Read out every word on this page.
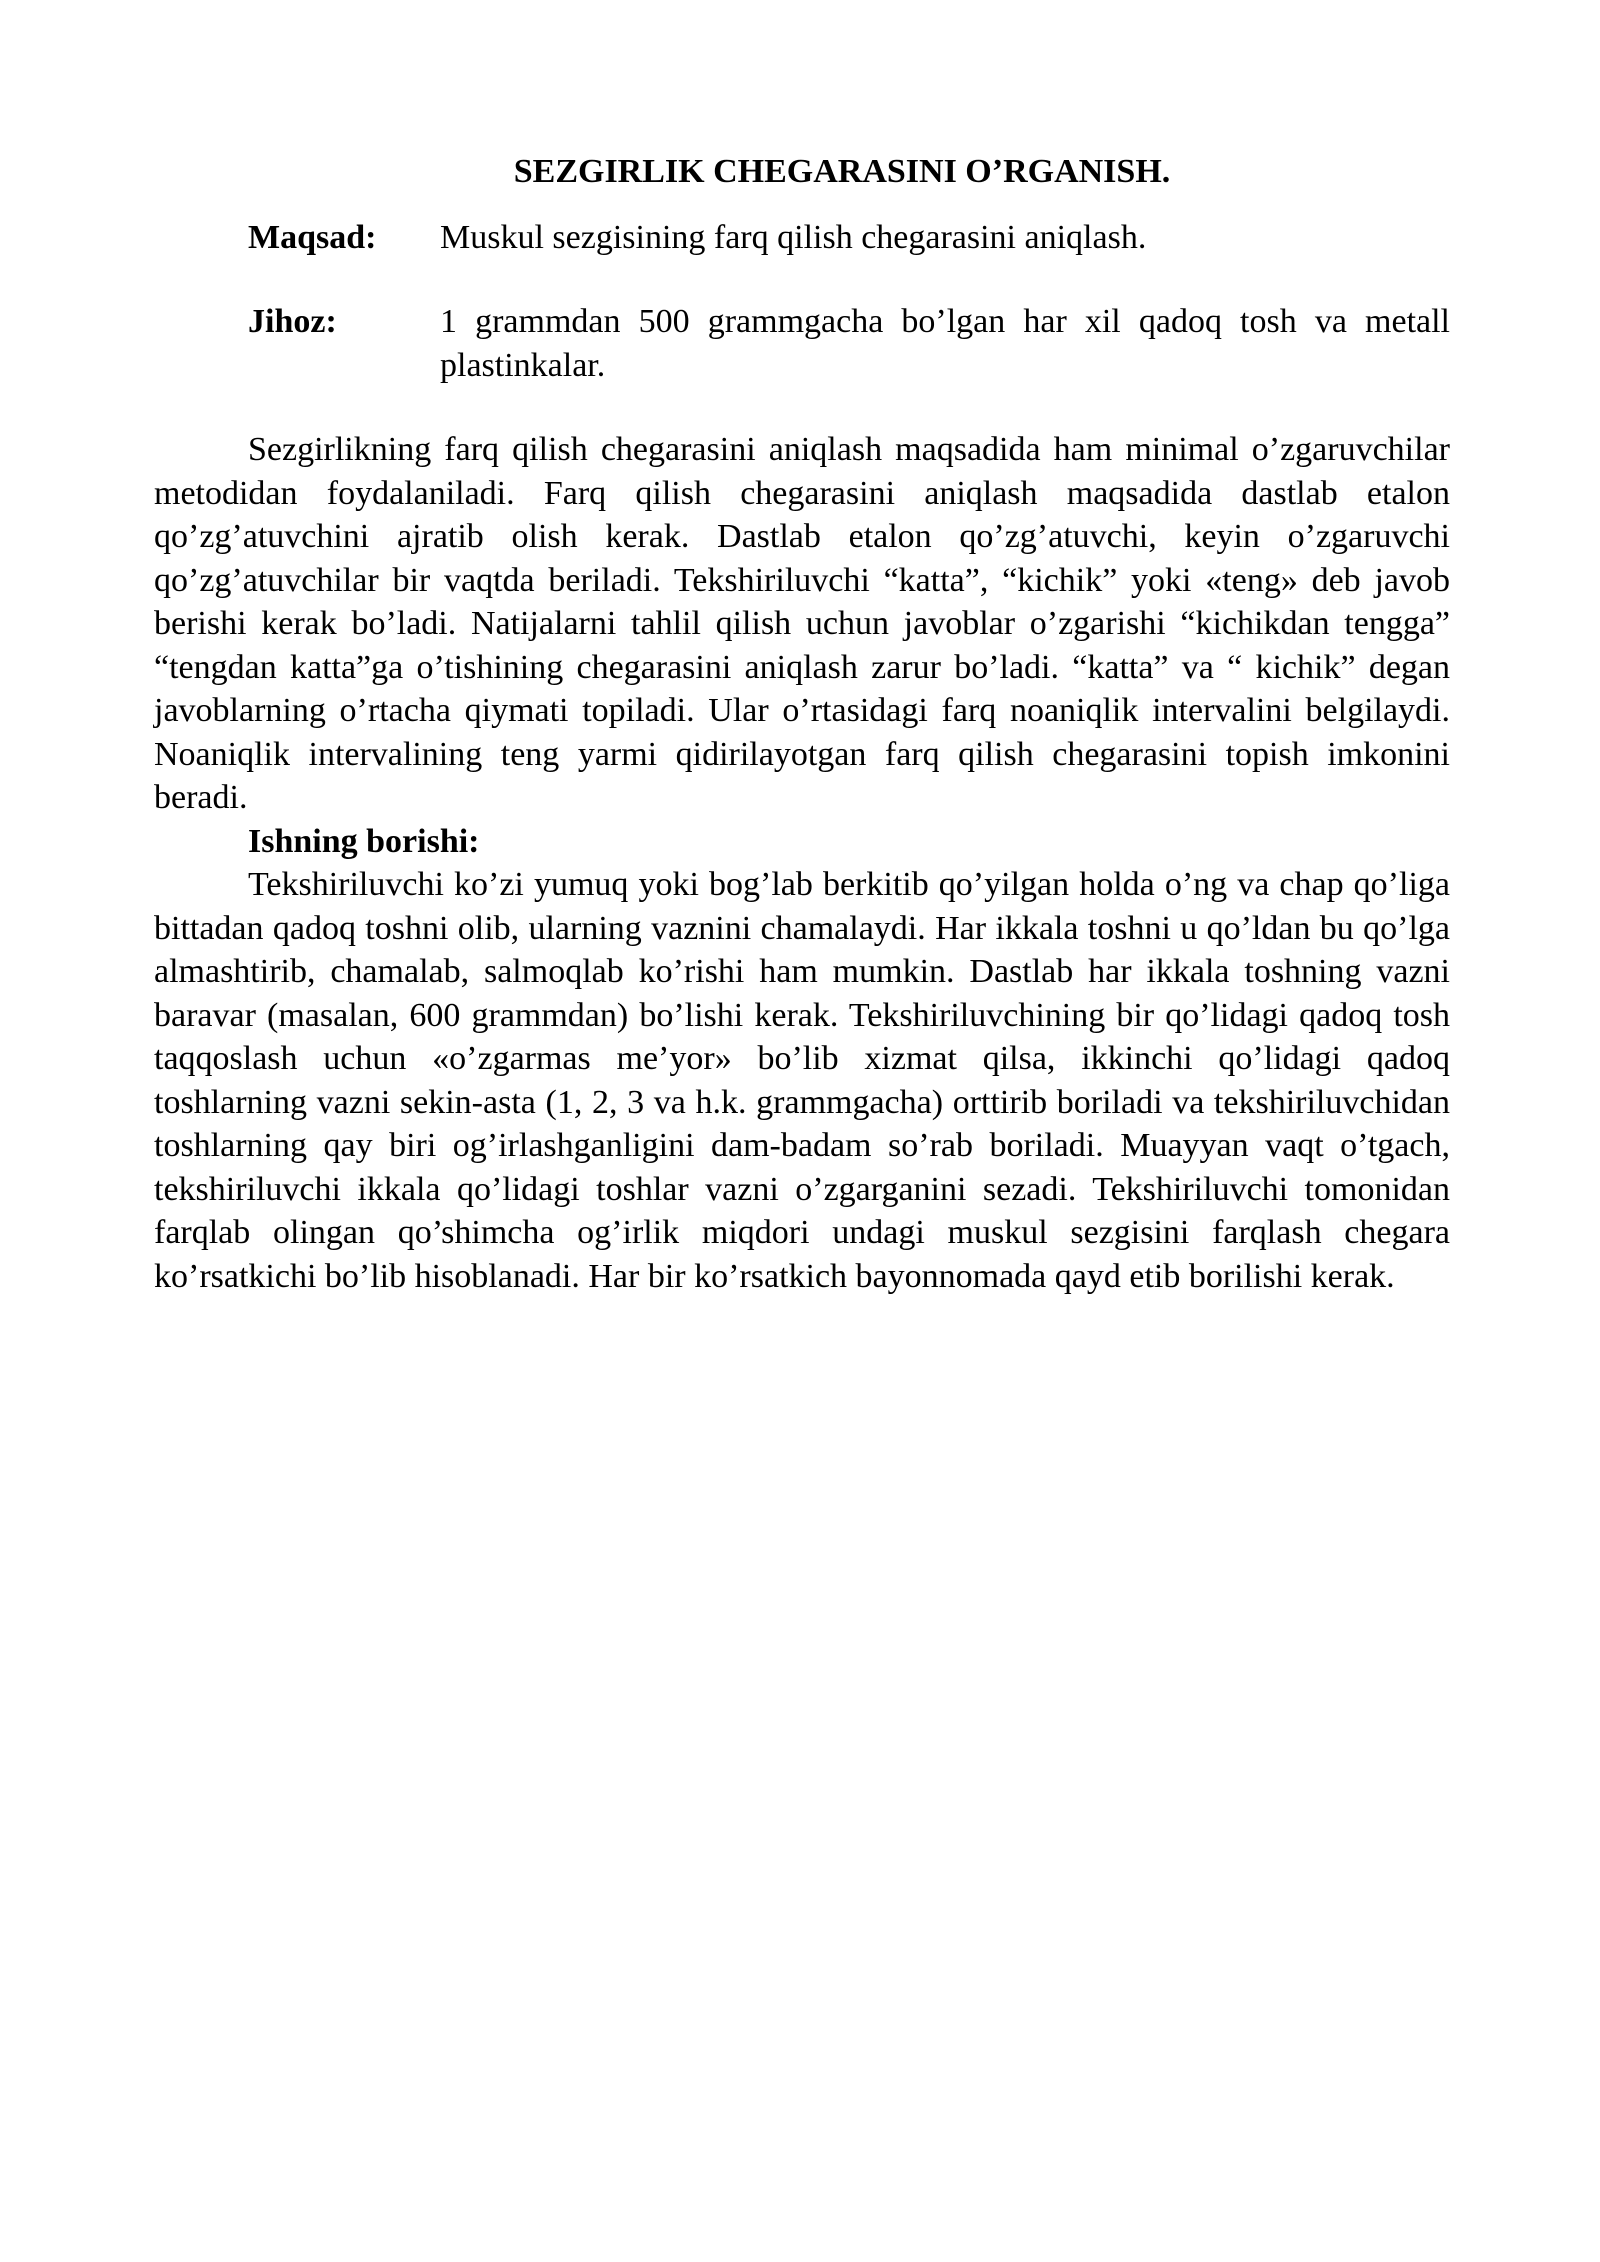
SEZGIRLIK CHEGARASINI O’RGANISH.
Maqsad:	Muskul sezgisining farq qilish chegarasini aniqlash.
Jihoz:	1 grammdan 500 grammgacha bo’lgan har xil qadoq tosh va metall plastinkalar.

Sezgirlikning farq qilish chegarasini aniqlash maqsadida ham minimal o’zgaruvchilar metodidan foydalaniladi. Farq qilish chegarasini aniqlash maqsadida dastlab etalon qo’zg’atuvchini ajratib olish kerak. Dastlab etalon qo’zg’atuvchi, keyin o’zgaruvchi qo’zg’atuvchilar bir vaqtda beriladi. Tekshiriluvchi “katta”, “kichik” yoki «teng» deb javob berishi kerak bo’ladi. Natijalarni tahlil qilish uchun javoblar o’zgarishi “kichikdan tengga” “tengdan katta”ga o’tishining chegarasini aniqlash zarur bo’ladi. “katta” va “ kichik” degan javoblarning o’rtacha qiymati topiladi. Ular o’rtasidagi farq noaniqlik intervalini belgilaydi. Noaniqlik intervalining teng yarmi qidirilayotgan farq qilish chegarasini topish imkonini beradi.

Ishning borishi:

Tekshiriluvchi ko’zi yumuq yoki bog’lab berkitib qo’yilgan holda o’ng va chap qo’liga bittadan qadoq toshni olib, ularning vaznini chamalaydi. Har ikkala toshni u qo’ldan bu qo’lga almashtirib, chamalab, salmoqlab ko’rishi ham mumkin. Dastlab har ikkala toshning vazni baravar (masalan, 600 grammdan) bo’lishi kerak. Tekshiriluvchining bir qo’lidagi qadoq tosh taqqoslash uchun «o’zgarmas me’yor» bo’lib xizmat qilsa, ikkinchi qo’lidagi qadoq toshlarning vazni sekin-asta (1, 2, 3 va h.k. grammgacha) orttirib boriladi va tekshiriluvchidan toshlarning qay biri og’irlashganligini dam-badam so’rab boriladi. Muayyan vaqt o’tgach, tekshiriluvchi ikkala qo’lidagi toshlar vazni o’zgarganini sezadi. Tekshiriluvchi tomonidan farqlab olingan qo’shimcha og’irlik miqdori undagi muskul sezgisini farqlash chegara ko’rsatkichi bo’lib hisoblanadi. Har bir ko’rsatkich bayonnomada qayd etib borilishi kerak.
